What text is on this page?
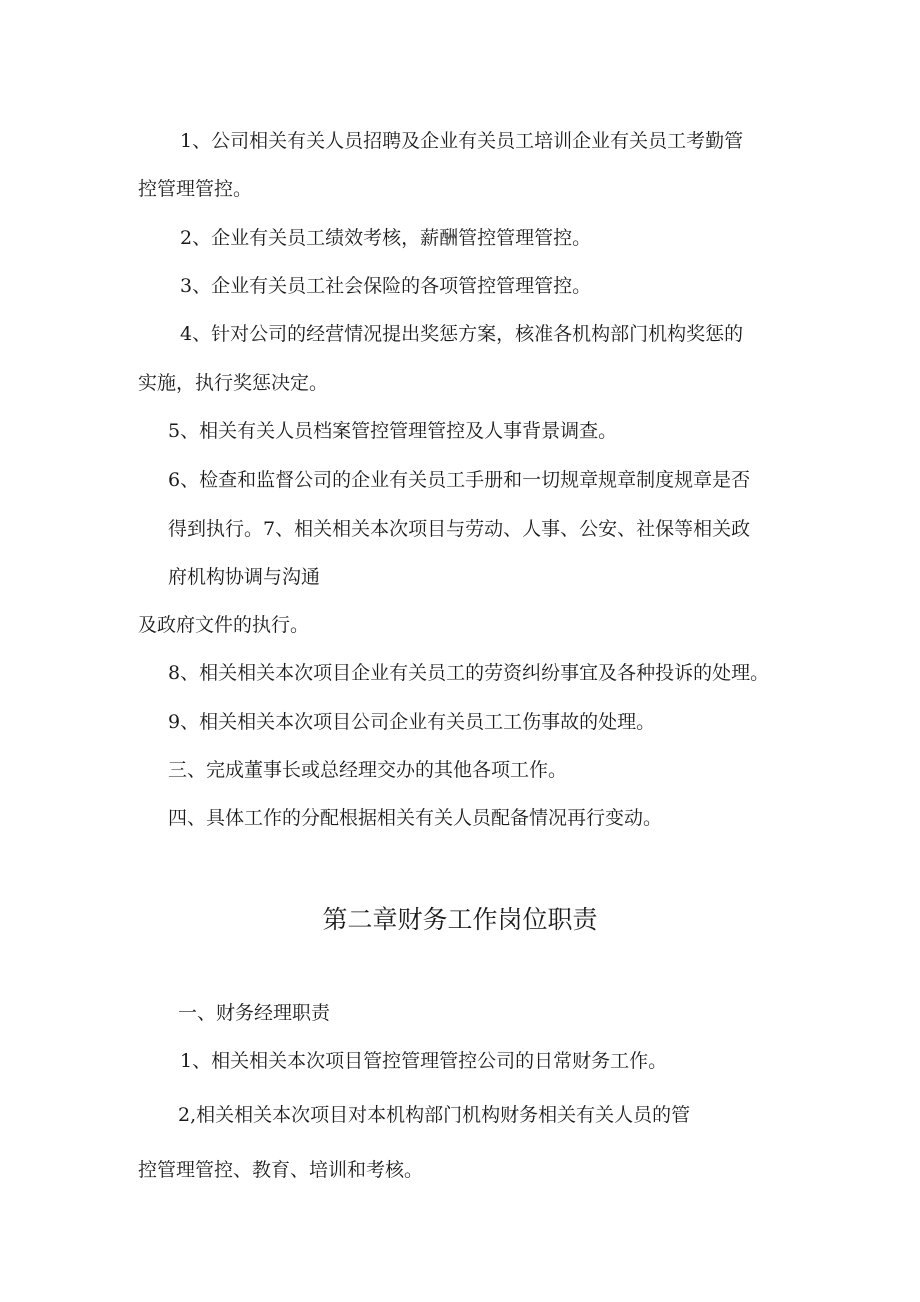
1、公司相关有关人员招聘及企业有关员工培训企业有关员工考勤管
控管理管控。
2、企业有关员工绩效考核，薪酬管控管理管控。
3、企业有关员工社会保险的各项管控管理管控。
4、针对公司的经营情况提出奖惩方案，核准各机构部门机构奖惩的
实施，执行奖惩决定。
5、相关有关人员档案管控管理管控及人事背景调查。
6、检查和监督公司的企业有关员工手册和一切规章规章制度规章是否
得到执行。7、相关相关本次项目与劳动、人事、公安、社保等相关政
府机构协调与沟通
及政府文件的执行。
8、相关相关本次项目企业有关员工的劳资纠纷事宜及各种投诉的处理。
9、相关相关本次项目公司企业有关员工工伤事故的处理。
三、完成董事长或总经理交办的其他各项工作。
四、具体工作的分配根据相关有关人员配备情况再行变动。
第二章财务工作岗位职责
一、财务经理职责
1、相关相关本次项目管控管理管控公司的日常财务工作。
2,相关相关本次项目对本机构部门机构财务相关有关人员的管
控管理管控、教育、培训和考核。
